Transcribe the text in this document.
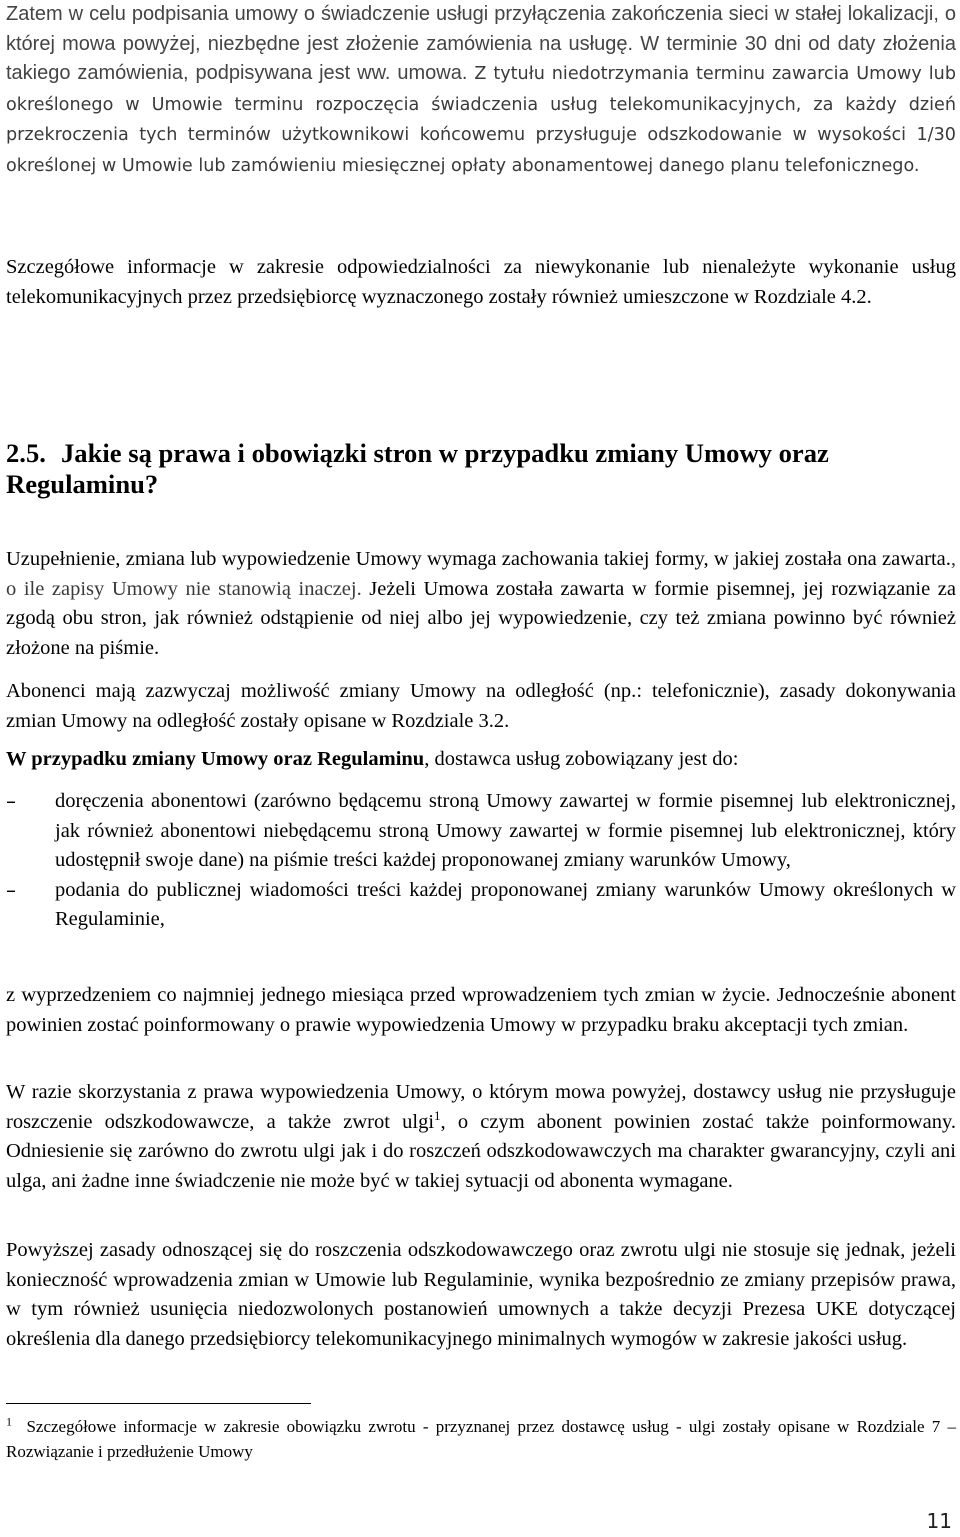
Zatem w celu podpisania umowy o świadczenie usługi przyłączenia zakończenia sieci w stałej lokalizacji, o której mowa powyżej, niezbędne jest złożenie zamówienia na usługę. W terminie 30 dni od daty złożenia takiego zamówienia, podpisywana jest ww. umowa. Z tytułu niedotrzymania terminu zawarcia Umowy lub określonego w Umowie terminu rozpoczęcia świadczenia usług telekomunikacyjnych, za każdy dzień przekroczenia tych terminów użytkownikowi końcowemu przysługuje odszkodowanie w wysokości 1/30 określonej w Umowie lub zamówieniu miesięcznej opłaty abonamentowej danego planu telefonicznego.

Szczegółowe informacje w zakresie odpowiedzialności za niewykonanie lub nienależyte wykonanie usług telekomunikacyjnych przez przedsiębiorcę wyznaczonego zostały również umieszczone w Rozdziale 4.2.

2.5. Jakie są prawa i obowiązki stron w przypadku zmiany Umowy oraz Regulaminu?

Uzupełnienie, zmiana lub wypowiedzenie Umowy wymaga zachowania takiej formy, w jakiej została ona zawarta., o ile zapisy Umowy nie stanowią inaczej. Jeżeli Umowa została zawarta w formie pisemnej, jej rozwiązanie za zgodą obu stron, jak również odstąpienie od niej albo jej wypowiedzenie, czy też zmiana powinno być również złożone na piśmie.

Abonenci mają zazwyczaj możliwość zmiany Umowy na odległość (np.: telefonicznie), zasady dokonywania zmian Umowy na odległość zostały opisane w Rozdziale 3.2.

W przypadku zmiany Umowy oraz Regulaminu, dostawca usług zobowiązany jest do:

– doręczenia abonentowi (zarówno będącemu stroną Umowy zawartej w formie pisemnej lub elektronicznej, jak również abonentowi niebędącemu stroną Umowy zawartej w formie pisemnej lub elektronicznej, który udostępnił swoje dane) na piśmie treści każdej proponowanej zmiany warunków Umowy,
– podania do publicznej wiadomości treści każdej proponowanej zmiany warunków Umowy określonych w Regulaminie,

z wyprzedzeniem co najmniej jednego miesiąca przed wprowadzeniem tych zmian w życie. Jednocześnie abonent powinien zostać poinformowany o prawie wypowiedzenia Umowy w przypadku braku akceptacji tych zmian.

W razie skorzystania z prawa wypowiedzenia Umowy, o którym mowa powyżej, dostawcy usług nie przysługuje roszczenie odszkodowawcze, a także zwrot ulgi$^1$, o czym abonent powinien zostać także poinformowany. Odniesienie się zarówno do zwrotu ulgi jak i do roszczeń odszkodowawczych ma charakter gwarancyjny, czyli ani ulga, ani żadne inne świadczenie nie może być w takiej sytuacji od abonenta wymagane.

Powyższej zasady odnoszącej się do roszczenia odszkodowawczego oraz zwrotu ulgi nie stosuje się jednak, jeżeli konieczność wprowadzenia zmian w Umowie lub Regulaminie, wynika bezpośrednio ze zmiany przepisów prawa, w tym również usunięcia niedozwolonych postanowień umownych a także decyzji Prezesa UKE dotyczącej określenia dla danego przedsiębiorcy telekomunikacyjnego minimalnych wymogów w zakresie jakości usług.

$^1$ Szczegółowe informacje w zakresie obowiązku zwrotu - przyznanej przez dostawcę usług - ulgi zostały opisane w Rozdziale 7 – Rozwiązanie i przedłużenie Umowy

11
